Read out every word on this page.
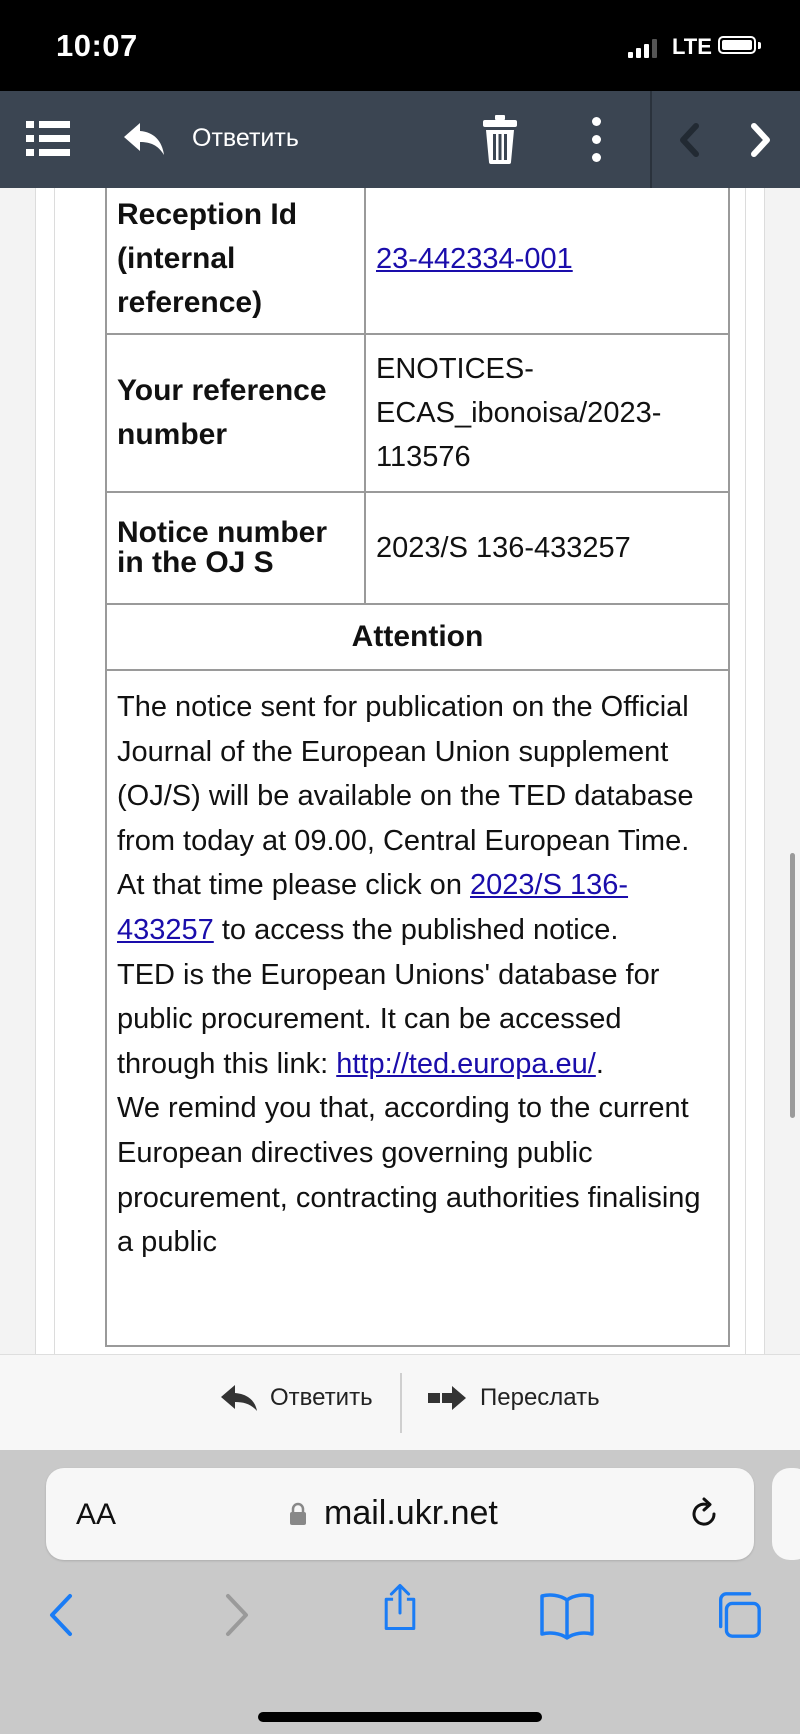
10:07	LTE
Ответить
Reception Id (internal reference)	23-442334-001
Your reference number	ENOTICES-
ECAS_ibonoisa/2023-
113576
Notice number in the OJ S	2023/S 136-433257
Attention	
The notice sent for publication on the Official Journal of the European Union supplement (OJ/S) will be available on the TED database from today at 09.00, Central European Time. At that time please click on 2023/S 136-433257 to access the published notice.
TED is the European Unions' database for public procurement. It can be accessed through this link: http://ted.europa.eu/.
We remind you that, according to the current European directives governing public procurement, contracting authorities finalising a public	
Ответить	Переслать
AA	mail.ukr.net
